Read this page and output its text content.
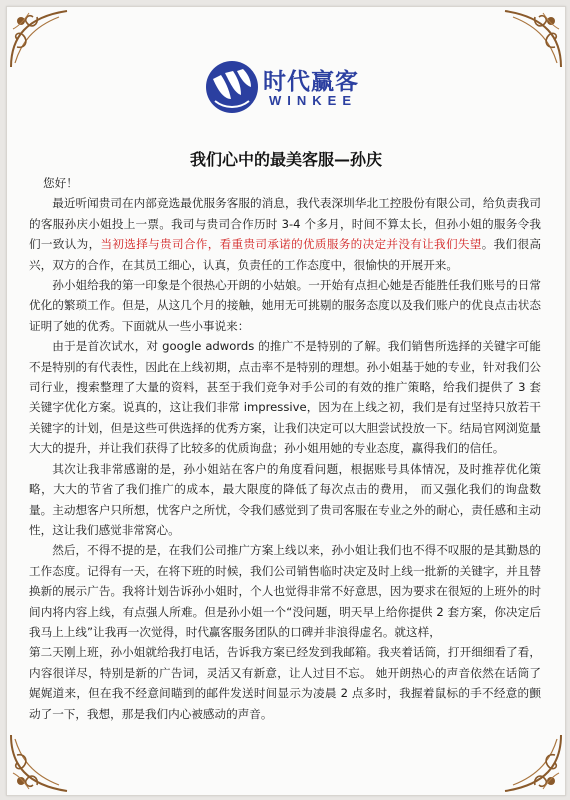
时代赢客
WINKEE
我们心中的最美客服—孙庆

您好！

最近听闻贵司在内部竞选最优服务客服的消息，我代表深圳华北工控股份有限公司，给负责我司的客服孙庆小姐投上一票。我司与贵司合作历时 3-4 个多月，时间不算太长，但孙小姐的服务令我们一致认为，当初选择与贵司合作，看重贵司承诺的优质服务的决定并没有让我们失望。我们很高兴，双方的合作，在其员工细心，认真，负责任的工作态度中，很愉快的开展开来。

孙小姐给我的第一印象是个很热心开朗的小姑娘。一开始有点担心她是否能胜任我们账号的日常优化的繁琐工作。但是，从这几个月的接触，她用无可挑剔的服务态度以及我们账户的优良点击状态证明了她的优秀。下面就从一些小事说来：

由于是首次试水，对 google adwords 的推广不是特别的了解。我们销售所选择的关键字可能不是特别的有代表性，因此在上线初期，点击率不是特别的理想。孙小姐基于她的专业，针对我们公司行业，搜索整理了大量的资料，甚至于我们竞争对手公司的有效的推广策略，给我们提供了 3 套关键字优化方案。说真的，这让我们非常 impressive，因为在上线之初，我们是有过坚持只放若干关键字的计划，但是这些可供选择的优秀方案，让我们决定可以大胆尝试投放一下。结局官网浏览量大大的提升，并让我们获得了比较多的优质询盘；孙小姐用她的专业态度，赢得我们的信任。

其次让我非常感谢的是，孙小姐站在客户的角度看问题，根据账号具体情况，及时推荐优化策略，大大的节省了我们推广的成本，最大限度的降低了每次点击的费用， 而又强化我们的询盘数量。主动想客户只所想，忧客户之所忧，令我们感觉到了贵司客服在专业之外的耐心，责任感和主动性，这让我们感觉非常窝心。

然后，不得不提的是，在我们公司推广方案上线以来，孙小姐让我们也不得不叹服的是其勤恳的工作态度。记得有一天，在将下班的时候，我们公司销售临时决定及时上线一批新的关键字，并且替换新的展示广告。我将计划告诉孙小姐时，个人也觉得非常不好意思，因为要求在很短的上班外的时间内将内容上线，有点强人所难。但是孙小姐一个“没问题，明天早上给你提供 2 套方案，你决定后我马上上线”让我再一次觉得，时代赢客服务团队的口碑并非浪得虚名。就这样，

第二天刚上班，孙小姐就给我打电话，告诉我方案已经发到我邮箱。我夹着话筒，打开细细看了看，内容很详尽，特别是新的广告词，灵活又有新意，让人过目不忘。 她开朗热心的声音依然在话筒了娓娓道来，但在我不经意间瞄到的邮件发送时间显示为凌晨 2 点多时，我握着鼠标的手不经意的颤动了一下，我想，那是我们内心被感动的声音。
